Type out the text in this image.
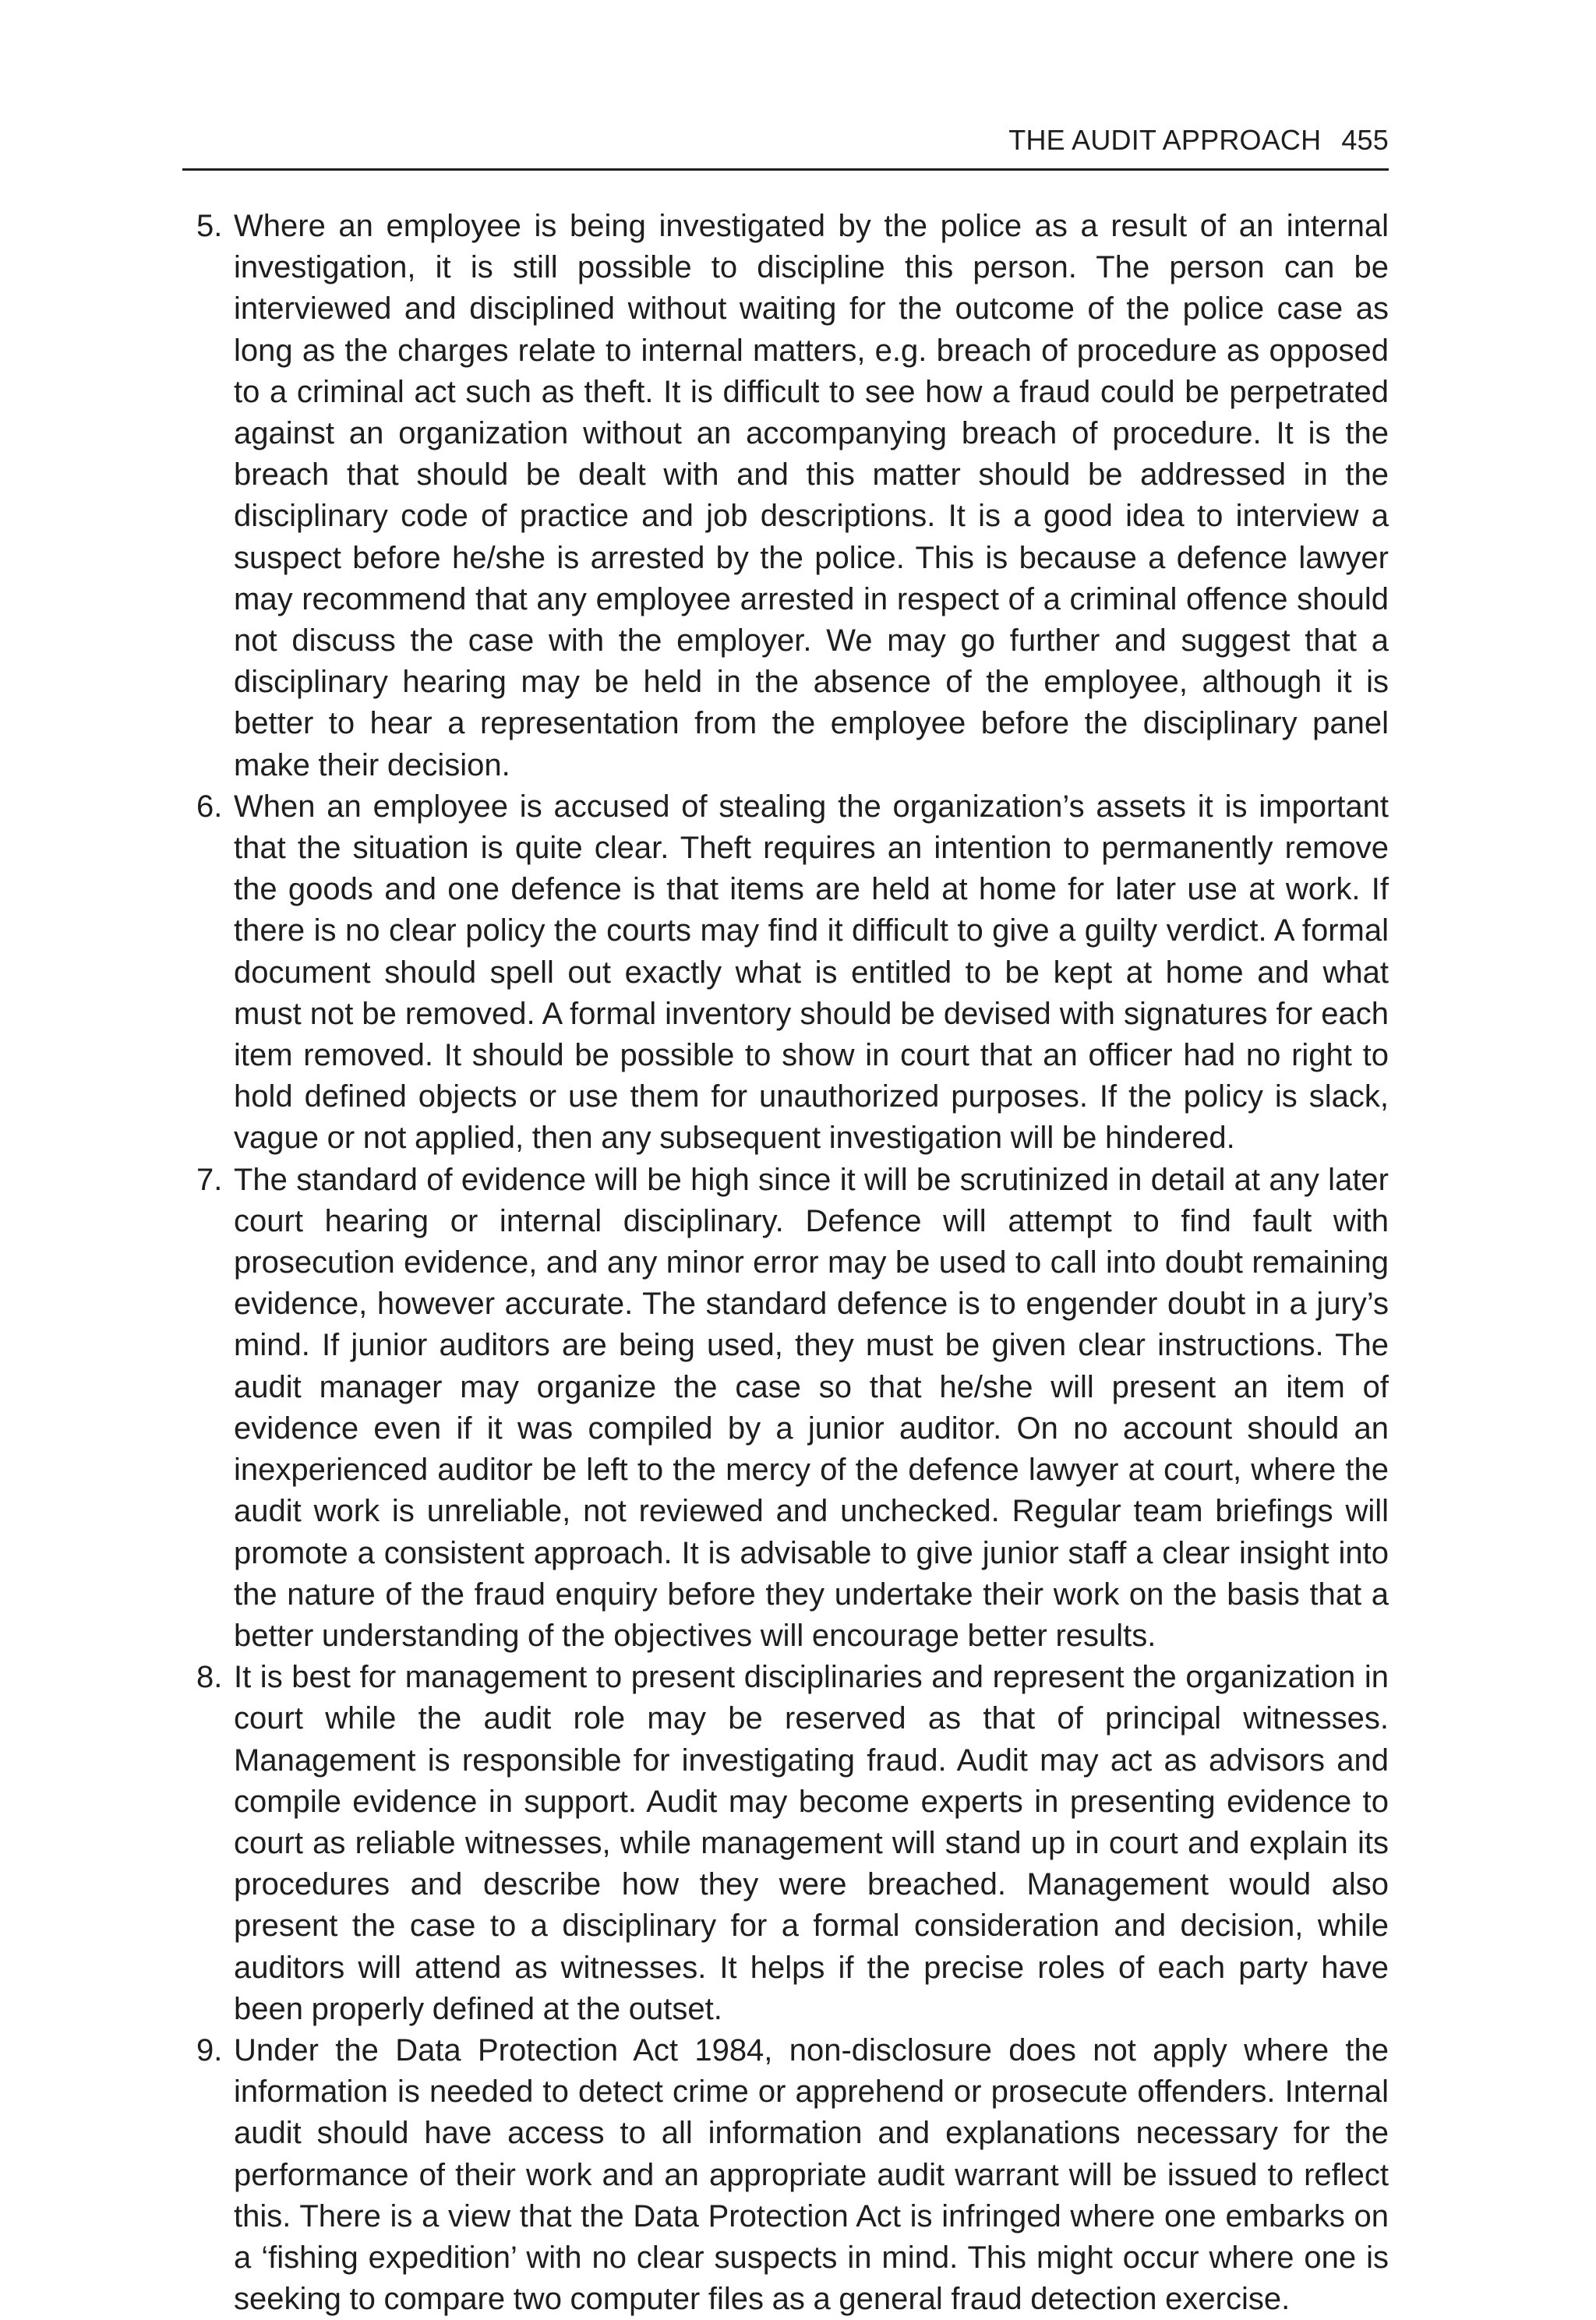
THE AUDIT APPROACH 455
5. Where an employee is being investigated by the police as a result of an internal investigation, it is still possible to discipline this person. The person can be interviewed and disciplined without waiting for the outcome of the police case as long as the charges relate to internal matters, e.g. breach of procedure as opposed to a criminal act such as theft. It is difficult to see how a fraud could be perpetrated against an organization without an accompanying breach of procedure. It is the breach that should be dealt with and this matter should be addressed in the disciplinary code of practice and job descriptions. It is a good idea to interview a suspect before he/she is arrested by the police. This is because a defence lawyer may recommend that any employee arrested in respect of a criminal offence should not discuss the case with the employer. We may go further and suggest that a disciplinary hearing may be held in the absence of the employee, although it is better to hear a representation from the employee before the disciplinary panel make their decision.
6. When an employee is accused of stealing the organization’s assets it is important that the situation is quite clear. Theft requires an intention to permanently remove the goods and one defence is that items are held at home for later use at work. If there is no clear policy the courts may find it difficult to give a guilty verdict. A formal document should spell out exactly what is entitled to be kept at home and what must not be removed. A formal inventory should be devised with signatures for each item removed. It should be possible to show in court that an officer had no right to hold defined objects or use them for unauthorized purposes. If the policy is slack, vague or not applied, then any subsequent investigation will be hindered.
7. The standard of evidence will be high since it will be scrutinized in detail at any later court hearing or internal disciplinary. Defence will attempt to find fault with prosecution evidence, and any minor error may be used to call into doubt remaining evidence, however accurate. The standard defence is to engender doubt in a jury’s mind. If junior auditors are being used, they must be given clear instructions. The audit manager may organize the case so that he/she will present an item of evidence even if it was compiled by a junior auditor. On no account should an inexperienced auditor be left to the mercy of the defence lawyer at court, where the audit work is unreliable, not reviewed and unchecked. Regular team briefings will promote a consistent approach. It is advisable to give junior staff a clear insight into the nature of the fraud enquiry before they undertake their work on the basis that a better understanding of the objectives will encourage better results.
8. It is best for management to present disciplinaries and represent the organization in court while the audit role may be reserved as that of principal witnesses. Management is responsible for investigating fraud. Audit may act as advisors and compile evidence in support. Audit may become experts in presenting evidence to court as reliable witnesses, while management will stand up in court and explain its procedures and describe how they were breached. Management would also present the case to a disciplinary for a formal consideration and decision, while auditors will attend as witnesses. It helps if the precise roles of each party have been properly defined at the outset.
9. Under the Data Protection Act 1984, non-disclosure does not apply where the information is needed to detect crime or apprehend or prosecute offenders. Internal audit should have access to all information and explanations necessary for the performance of their work and an appropriate audit warrant will be issued to reflect this. There is a view that the Data Protection Act is infringed where one embarks on a ‘fishing expedition’ with no clear suspects in mind. This might occur where one is seeking to compare two computer files as a general fraud detection exercise.
